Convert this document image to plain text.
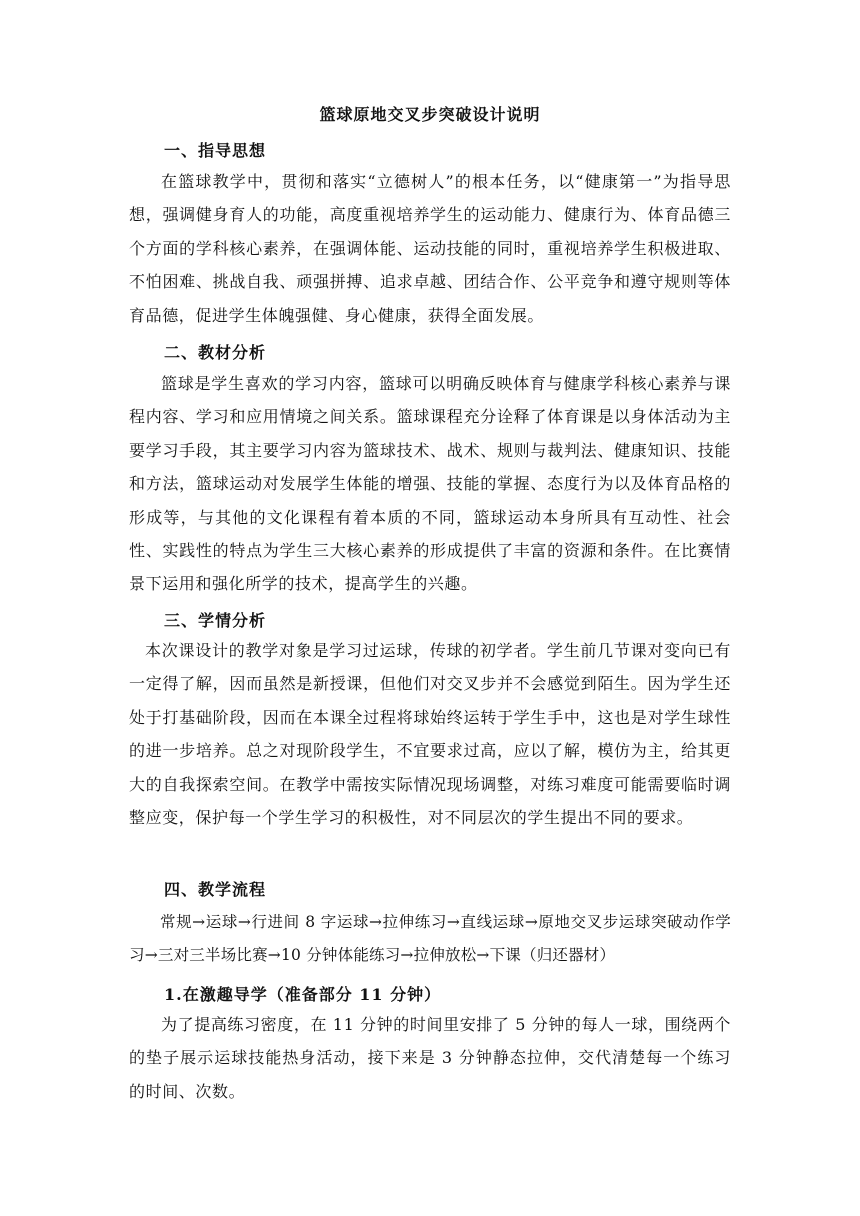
篮球原地交叉步突破设计说明
一、指导思想
在篮球教学中，贯彻和落实“立德树人”的根本任务，以“健康第一”为指导思想，强调健身育人的功能，高度重视培养学生的运动能力、健康行为、体育品德三个方面的学科核心素养，在强调体能、运动技能的同时，重视培养学生积极进取、不怕困难、挑战自我、顽强拼搏、追求卓越、团结合作、公平竞争和遵守规则等体育品德，促进学生体魄强健、身心健康，获得全面发展。
二、教材分析
篮球是学生喜欢的学习内容，篮球可以明确反映体育与健康学科核心素养与课程内容、学习和应用情境之间关系。篮球课程充分诠释了体育课是以身体活动为主要学习手段，其主要学习内容为篮球技术、战术、规则与裁判法、健康知识、技能和方法，篮球运动对发展学生体能的增强、技能的掌握、态度行为以及体育品格的形成等，与其他的文化课程有着本质的不同，篮球运动本身所具有互动性、社会性、实践性的特点为学生三大核心素养的形成提供了丰富的资源和条件。在比赛情景下运用和强化所学的技术，提高学生的兴趣。
三、学情分析
本次课设计的教学对象是学习过运球，传球的初学者。学生前几节课对变向已有一定得了解，因而虽然是新授课，但他们对交叉步并不会感觉到陌生。因为学生还处于打基础阶段，因而在本课全过程将球始终运转于学生手中，这也是对学生球性的进一步培养。总之对现阶段学生，不宜要求过高，应以了解，模仿为主，给其更大的自我探索空间。在教学中需按实际情况现场调整，对练习难度可能需要临时调整应变，保护每一个学生学习的积极性，对不同层次的学生提出不同的要求。
四、教学流程
常规→运球→行进间 8 字运球→拉伸练习→直线运球→原地交叉步运球突破动作学习→三对三半场比赛→10 分钟体能练习→拉伸放松→下课（归还器材）
1.在激趣导学（准备部分 11 分钟）
为了提高练习密度，在 11 分钟的时间里安排了 5 分钟的每人一球，围绕两个的垫子展示运球技能热身活动，接下来是 3 分钟静态拉伸，交代清楚每一个练习的时间、次数。
